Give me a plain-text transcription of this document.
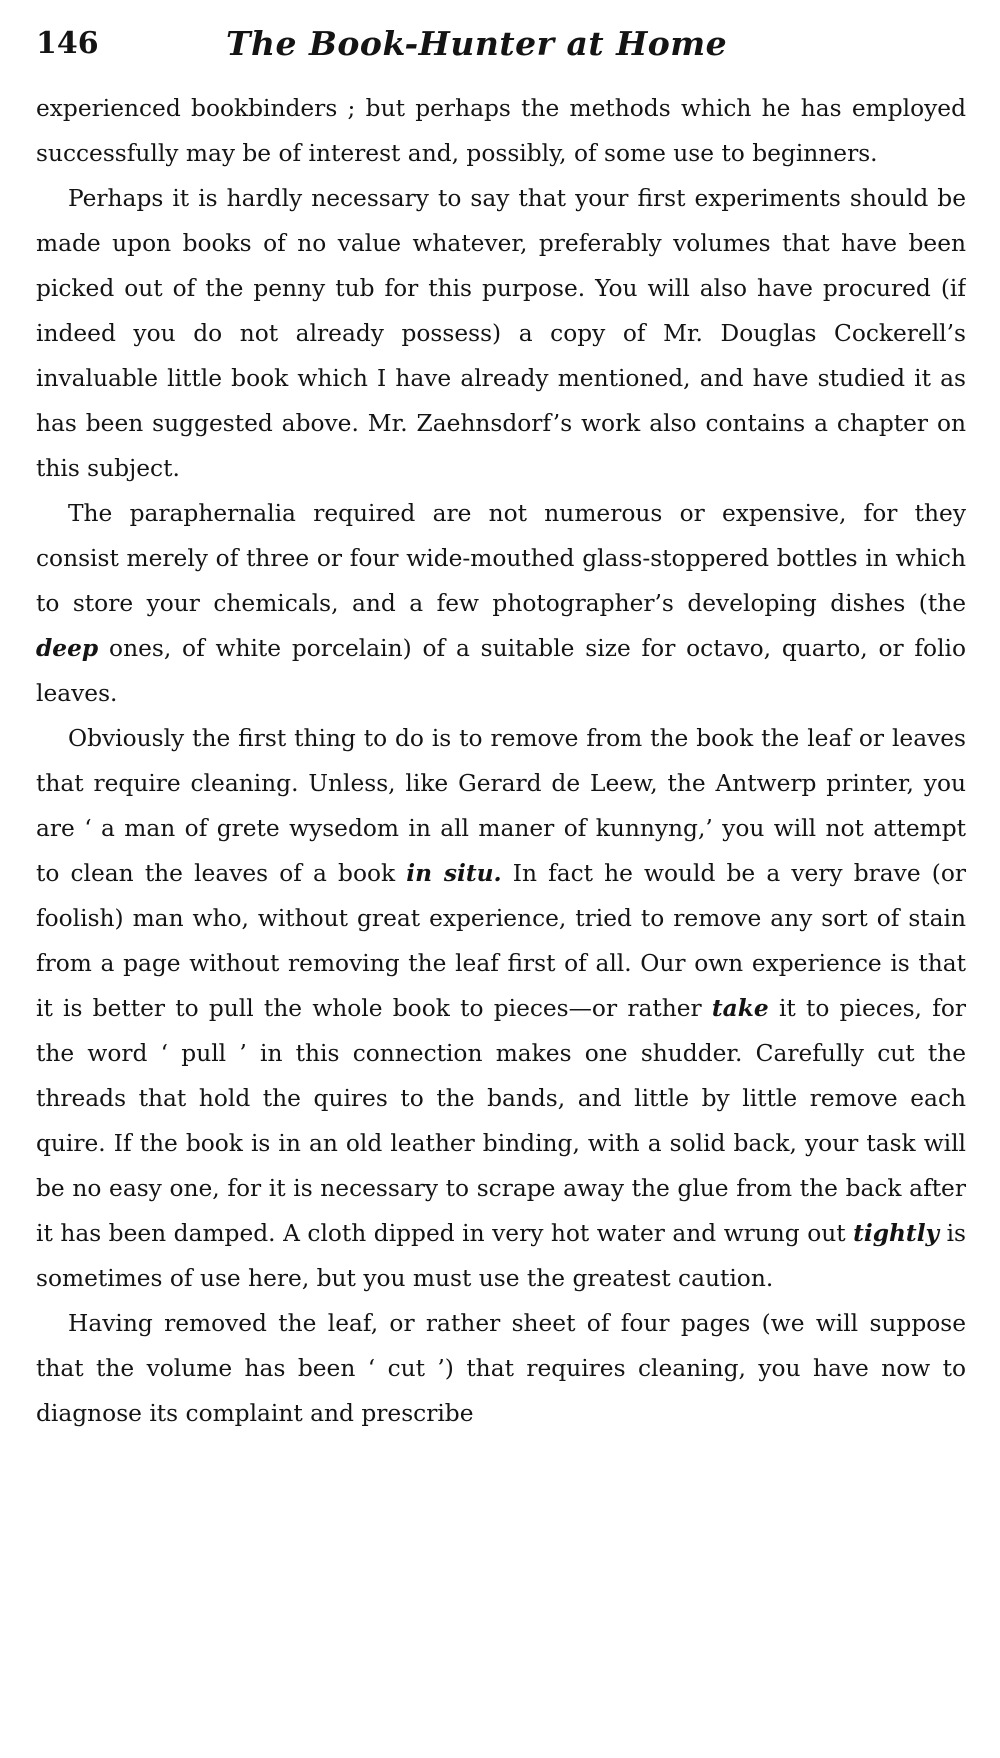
146	The Book-Hunter at Home

experienced bookbinders ; but perhaps the methods which he has employed successfully may be of interest and, possibly, of some use to beginners.

Perhaps it is hardly necessary to say that your first experiments should be made upon books of no value whatever, preferably volumes that have been picked out of the penny tub for this purpose. You will also have procured (if indeed you do not already possess) a copy of Mr. Douglas Cockerell’s invaluable little book which I have already mentioned, and have studied it as has been suggested above. Mr. Zaehnsdorf’s work also contains a chapter on this subject.

The paraphernalia required are not numerous or expensive, for they consist merely of three or four wide-mouthed glass-stoppered bottles in which to store your chemicals, and a few photographer’s developing dishes (the deep ones, of white porcelain) of a suitable size for octavo, quarto, or folio leaves.

Obviously the first thing to do is to remove from the book the leaf or leaves that require cleaning. Unless, like Gerard de Leew, the Antwerp printer, you are ‘ a man of grete wysedom in all maner of kunnyng,’ you will not attempt to clean the leaves of a book in situ. In fact he would be a very brave (or foolish) man who, without great experience, tried to remove any sort of stain from a page without removing the leaf first of all. Our own experience is that it is better to pull the whole book to pieces—or rather take it to pieces, for the word ‘ pull ’ in this connection makes one shudder. Carefully cut the threads that hold the quires to the bands, and little by little remove each quire. If the book is in an old leather binding, with a solid back, your task will be no easy one, for it is necessary to scrape away the glue from the back after it has been damped. A cloth dipped in very hot water and wrung out tightly is sometimes of use here, but you must use the greatest caution.

Having removed the leaf, or rather sheet of four pages (we will suppose that the volume has been ‘ cut ’) that requires cleaning, you have now to diagnose its complaint and prescribe
